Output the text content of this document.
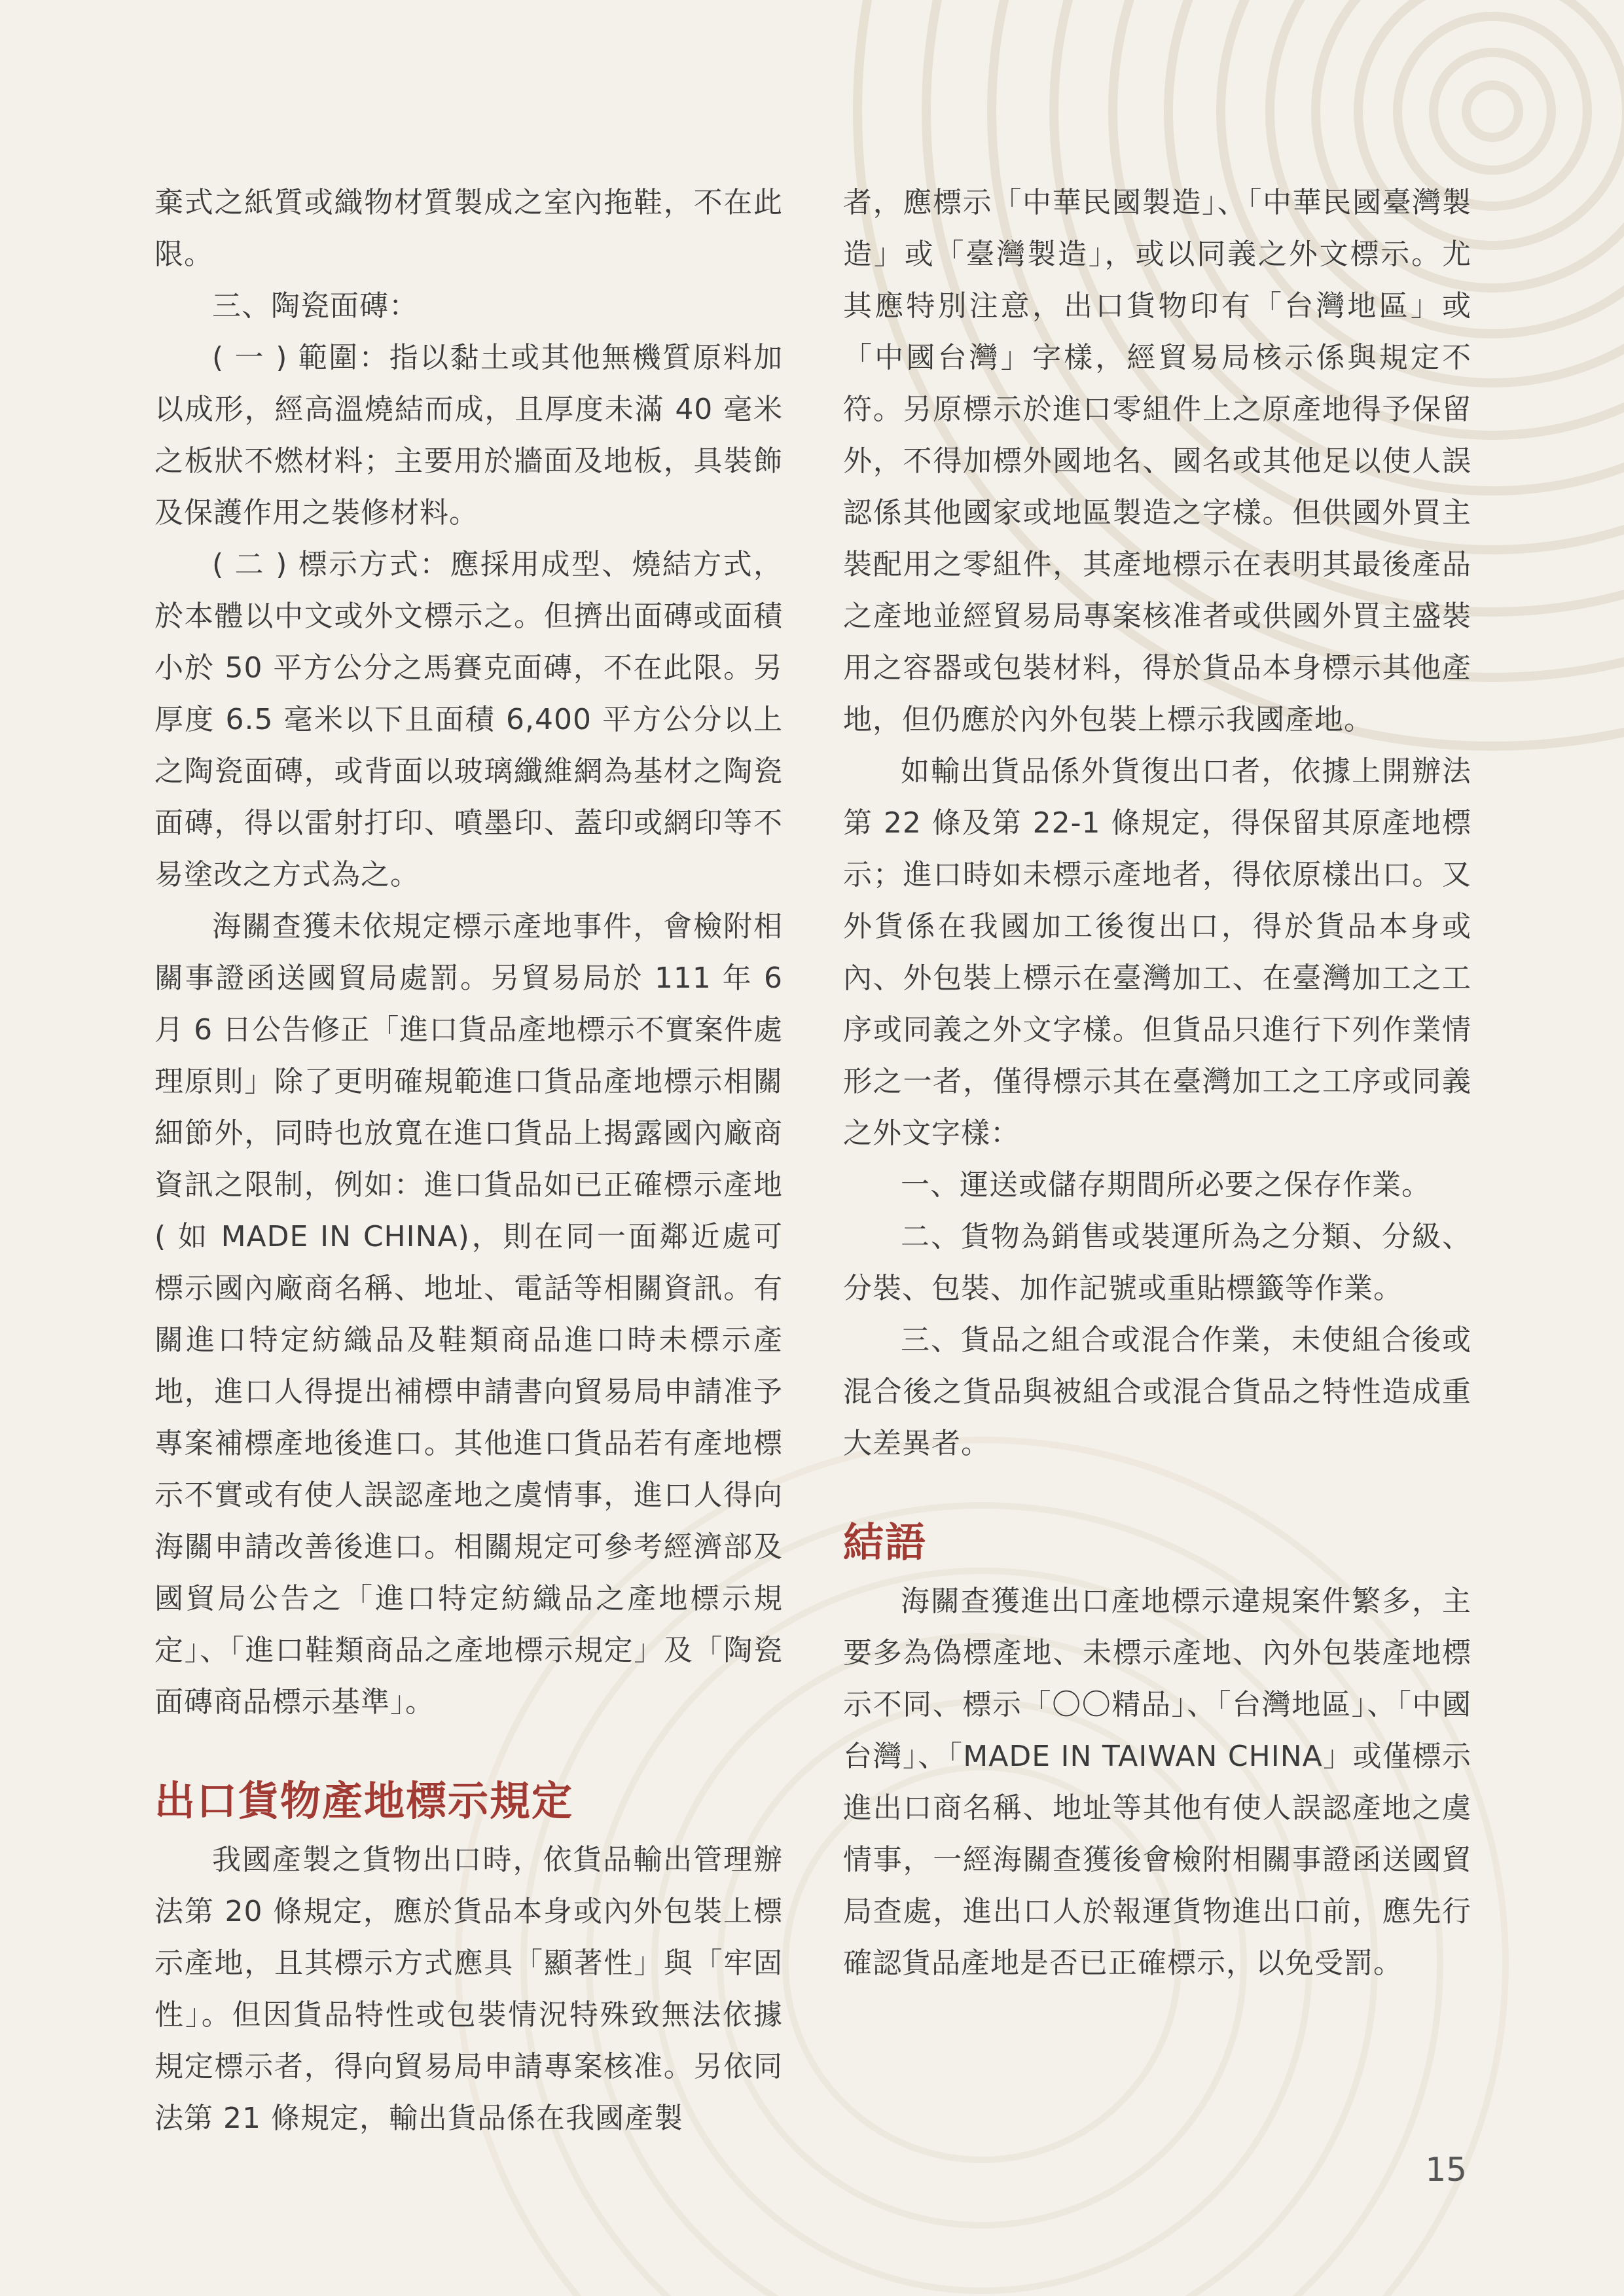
棄式之紙質或織物材質製成之室內拖鞋，不在此限。

三、陶瓷面磚：

( 一 ) 範圍：指以黏土或其他無機質原料加以成形，經高溫燒結而成，且厚度未滿 40 毫米之板狀不燃材料；主要用於牆面及地板，具裝飾及保護作用之裝修材料。

( 二 ) 標示方式：應採用成型、燒結方式，於本體以中文或外文標示之。但擠出面磚或面積小於 50 平方公分之馬賽克面磚，不在此限。另厚度 6.5 毫米以下且面積 6,400 平方公分以上之陶瓷面磚，或背面以玻璃纖維網為基材之陶瓷面磚，得以雷射打印、噴墨印、蓋印或網印等不易塗改之方式為之。

海關查獲未依規定標示產地事件，會檢附相關事證函送國貿局處罰。另貿易局於 111 年 6 月 6 日公告修正「進口貨品產地標示不實案件處理原則」除了更明確規範進口貨品產地標示相關細節外，同時也放寬在進口貨品上揭露國內廠商資訊之限制，例如：進口貨品如已正確標示產地 ( 如 MADE IN CHINA)，則在同一面鄰近處可標示國內廠商名稱、地址、電話等相關資訊。有關進口特定紡織品及鞋類商品進口時未標示產地，進口人得提出補標申請書向貿易局申請准予專案補標產地後進口。其他進口貨品若有產地標示不實或有使人誤認產地之虞情事，進口人得向海關申請改善後進口。相關規定可參考經濟部及國貿局公告之「進口特定紡織品之產地標示規定」、「進口鞋類商品之產地標示規定」及「陶瓷面磚商品標示基準」。

出口貨物產地標示規定

我國產製之貨物出口時，依貨品輸出管理辦法第 20 條規定，應於貨品本身或內外包裝上標示產地，且其標示方式應具「顯著性」與「牢固性」。但因貨品特性或包裝情況特殊致無法依據規定標示者，得向貿易局申請專案核准。另依同法第 21 條規定，輸出貨品係在我國產製

者，應標示「中華民國製造」、「中華民國臺灣製造」或「臺灣製造」，或以同義之外文標示。尤其應特別注意，出口貨物印有「台灣地區」或「中國台灣」字樣，經貿易局核示係與規定不符。另原標示於進口零組件上之原產地得予保留外，不得加標外國地名、國名或其他足以使人誤認係其他國家或地區製造之字樣。但供國外買主裝配用之零組件，其產地標示在表明其最後產品之產地並經貿易局專案核准者或供國外買主盛裝用之容器或包裝材料，得於貨品本身標示其他產地，但仍應於內外包裝上標示我國產地。

如輸出貨品係外貨復出口者，依據上開辦法第 22 條及第 22-1 條規定，得保留其原產地標示；進口時如未標示產地者，得依原樣出口。又外貨係在我國加工後復出口，得於貨品本身或內、外包裝上標示在臺灣加工、在臺灣加工之工序或同義之外文字樣。但貨品只進行下列作業情形之一者，僅得標示其在臺灣加工之工序或同義之外文字樣：

一、運送或儲存期間所必要之保存作業。

二、貨物為銷售或裝運所為之分類、分級、分裝、包裝、加作記號或重貼標籤等作業。

三、貨品之組合或混合作業，未使組合後或混合後之貨品與被組合或混合貨品之特性造成重大差異者。

結語

海關查獲進出口產地標示違規案件繁多，主要多為偽標產地、未標示產地、內外包裝產地標示不同、標示「〇〇精品」、「台灣地區」、「中國台灣」、「MADE IN TAIWAN CHINA」或僅標示進出口商名稱、地址等其他有使人誤認產地之虞情事，一經海關查獲後會檢附相關事證函送國貿局查處，進出口人於報運貨物進出口前，應先行確認貨品產地是否已正確標示，以免受罰。

15
